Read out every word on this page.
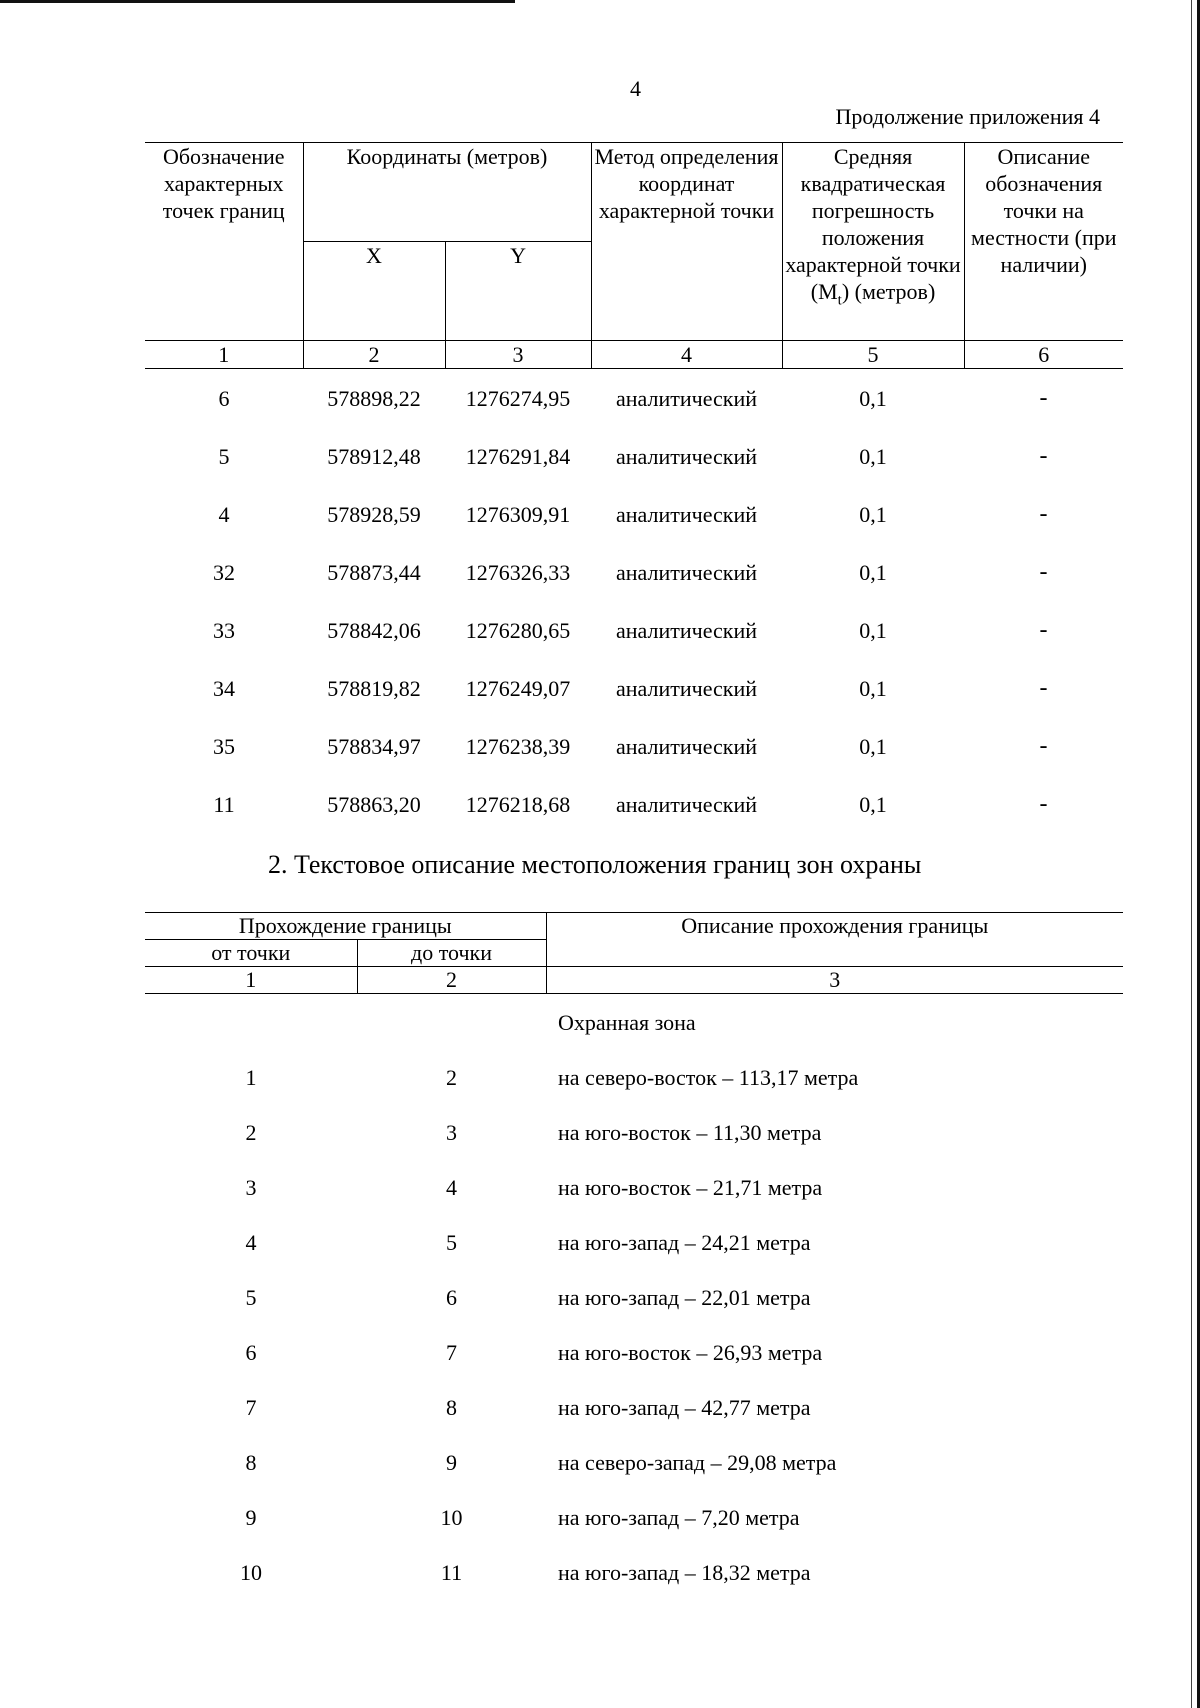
4
Продолжение приложения 4
Обозначение характерных точек границ	Координаты (метров)		Метод определения координат характерной точки	Средняя квадратическая погрешность положения характерной точки $(M_t)$ (метров)	Описание обозначения точки на местности (при наличии)
	X	Y			
1	2	3	4	5	6
6	578898,22	1276274,95	аналитический	0,1	-
5	578912,48	1276291,84	аналитический	0,1	-
4	578928,59	1276309,91	аналитический	0,1	-
32	578873,44	1276326,33	аналитический	0,1	-
33	578842,06	1276280,65	аналитический	0,1	-
34	578819,82	1276249,07	аналитический	0,1	-
35	578834,97	1276238,39	аналитический	0,1	-
11	578863,20	1276218,68	аналитический	0,1	-
2. Текстовое описание местоположения границ зон охраны
Прохождение границы		Описание прохождения границы
от точки	до точки	
1	2	3
		Охранная зона
1	2	на северо-восток – 113,17 метра
2	3	на юго-восток – 11,30 метра
3	4	на юго-восток – 21,71 метра
4	5	на юго-запад – 24,21 метра
5	6	на юго-запад – 22,01 метра
6	7	на юго-восток – 26,93 метра
7	8	на юго-запад – 42,77 метра
8	9	на северо-запад – 29,08 метра
9	10	на юго-запад – 7,20 метра
10	11	на юго-запад – 18,32 метра
